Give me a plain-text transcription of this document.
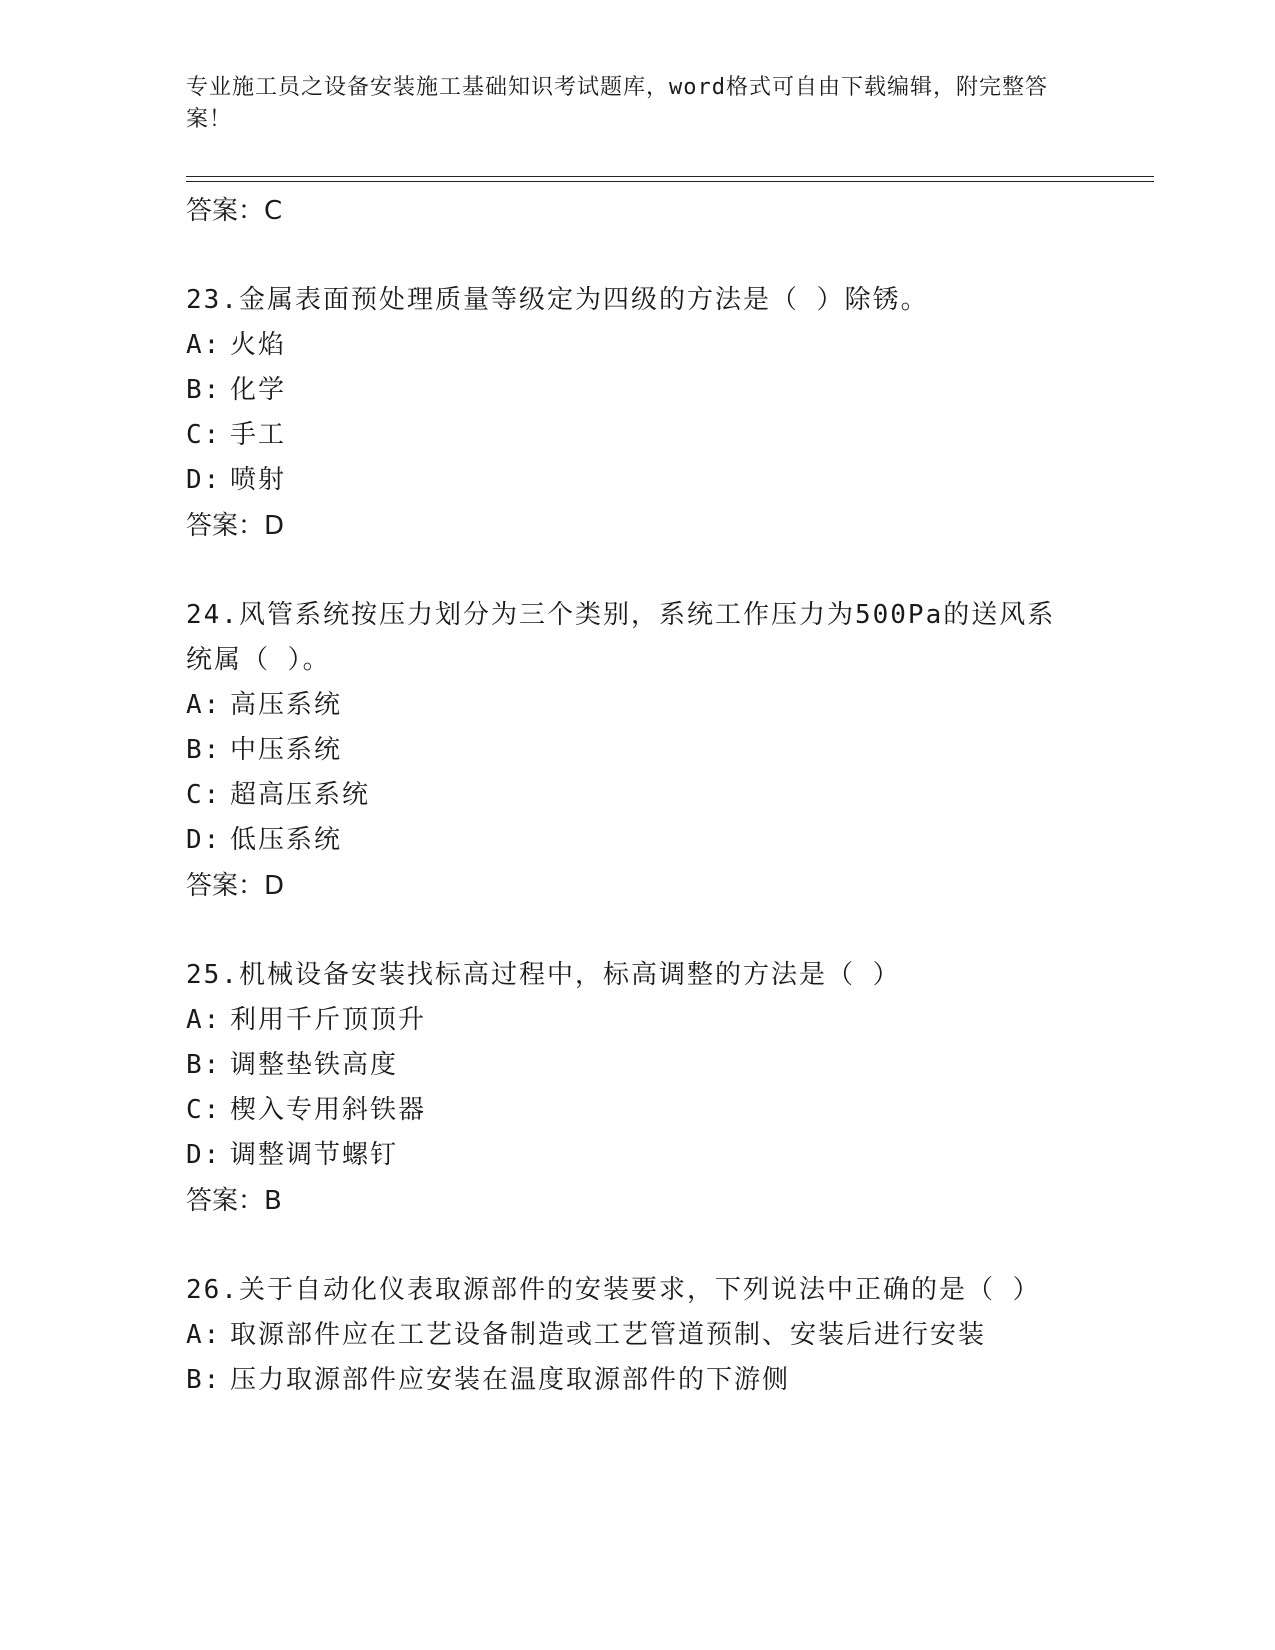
专业施工员之设备安装施工基础知识考试题库，word格式可自由下载编辑，附完整答案！
答案：C
23.金属表面预处理质量等级定为四级的方法是（ ）除锈。
A: 火焰
B: 化学
C: 手工
D: 喷射
答案：D
24.风管系统按压力划分为三个类别，系统工作压力为500Pa的送风系统属（ ）。
A: 高压系统
B: 中压系统
C: 超高压系统
D: 低压系统
答案：D
25.机械设备安装找标高过程中，标高调整的方法是（ ）
A: 利用千斤顶顶升
B: 调整垫铁高度
C: 楔入专用斜铁器
D: 调整调节螺钉
答案：B
26.关于自动化仪表取源部件的安装要求，下列说法中正确的是（ ）
A: 取源部件应在工艺设备制造或工艺管道预制、安装后进行安装
B: 压力取源部件应安装在温度取源部件的下游侧
